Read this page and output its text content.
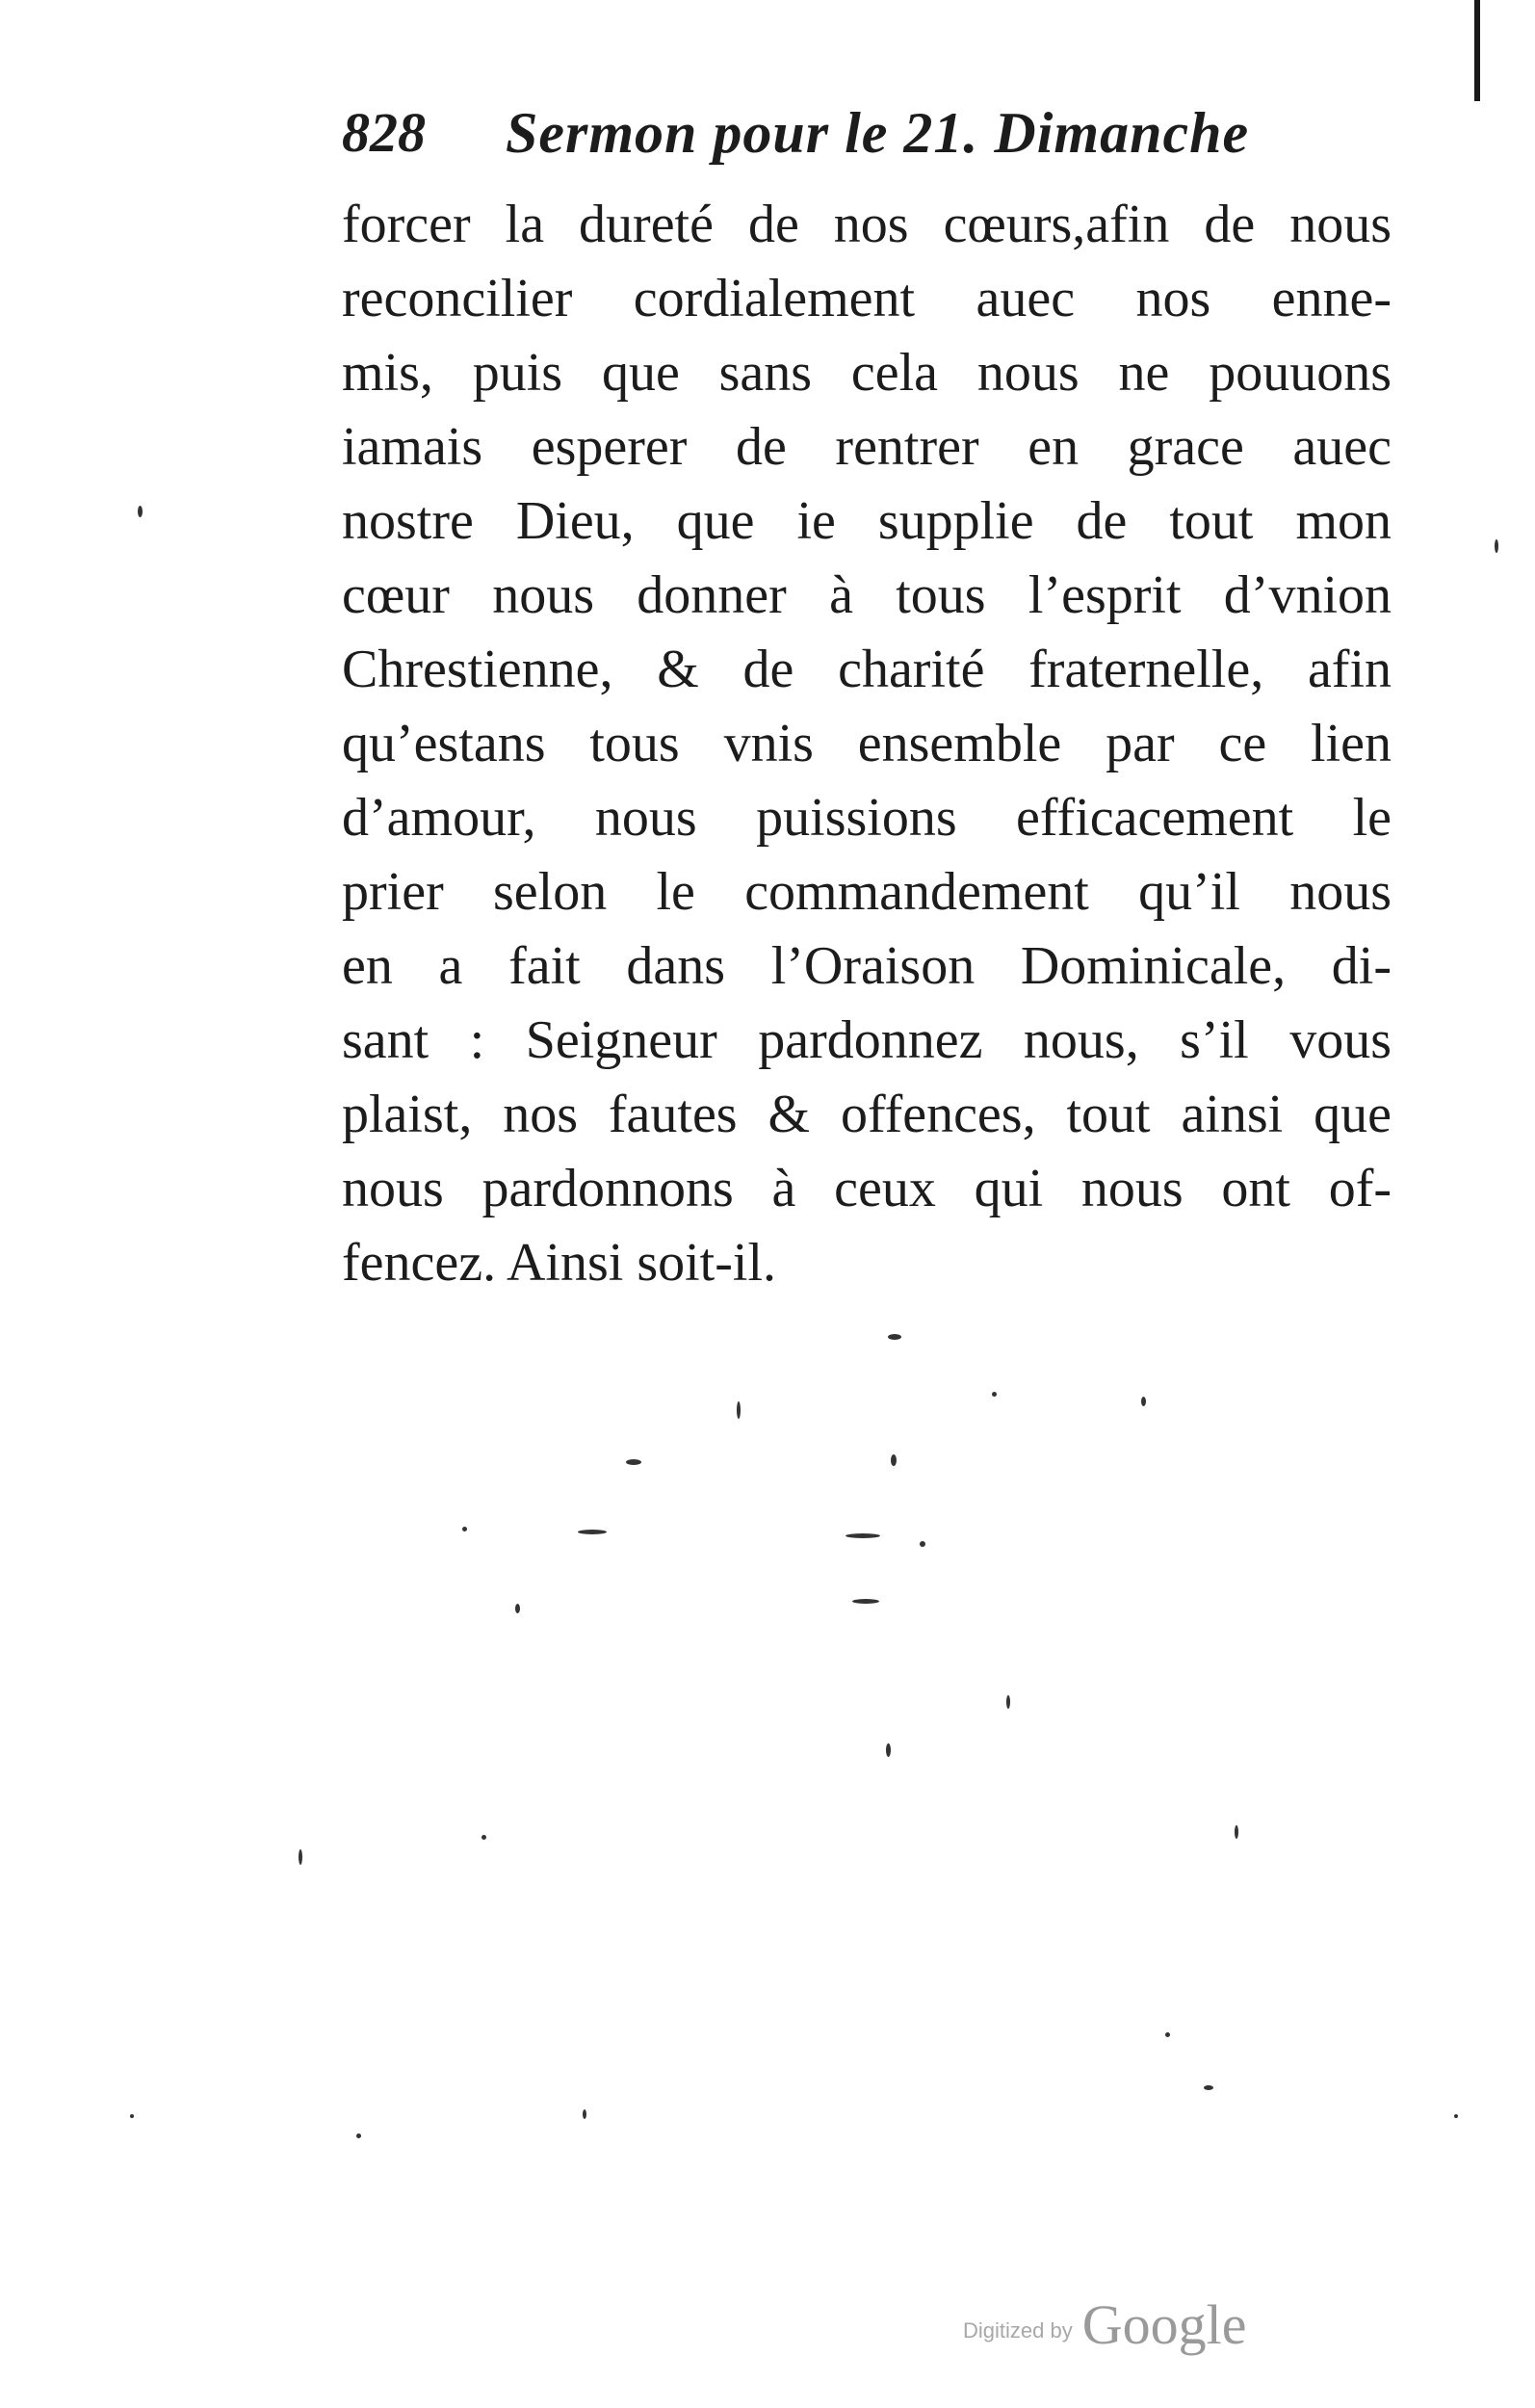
828 Sermon pour le 21. Dimanche
forcer la dureté de nos cœurs,afin de nous
reconcilier cordialement auec nos enne-
mis, puis que sans cela nous ne pouuons
iamais esperer de rentrer en grace auec
nostre Dieu, que ie supplie de tout mon
cœur nous donner à tous l’esprit d’vnion
Chrestienne, & de charité fraternelle, afin
qu’estans tous vnis ensemble par ce lien
d’amour, nous puissions efficacement le
prier selon le commandement qu’il nous
en a fait dans l’Oraison Dominicale, di-
sant : Seigneur pardonnez nous, s’il vous
plaist, nos fautes & offences, tout ainsi que
nous pardonnons à ceux qui nous ont of-
fencez. Ainsi soit-il.
Digitized by Google
